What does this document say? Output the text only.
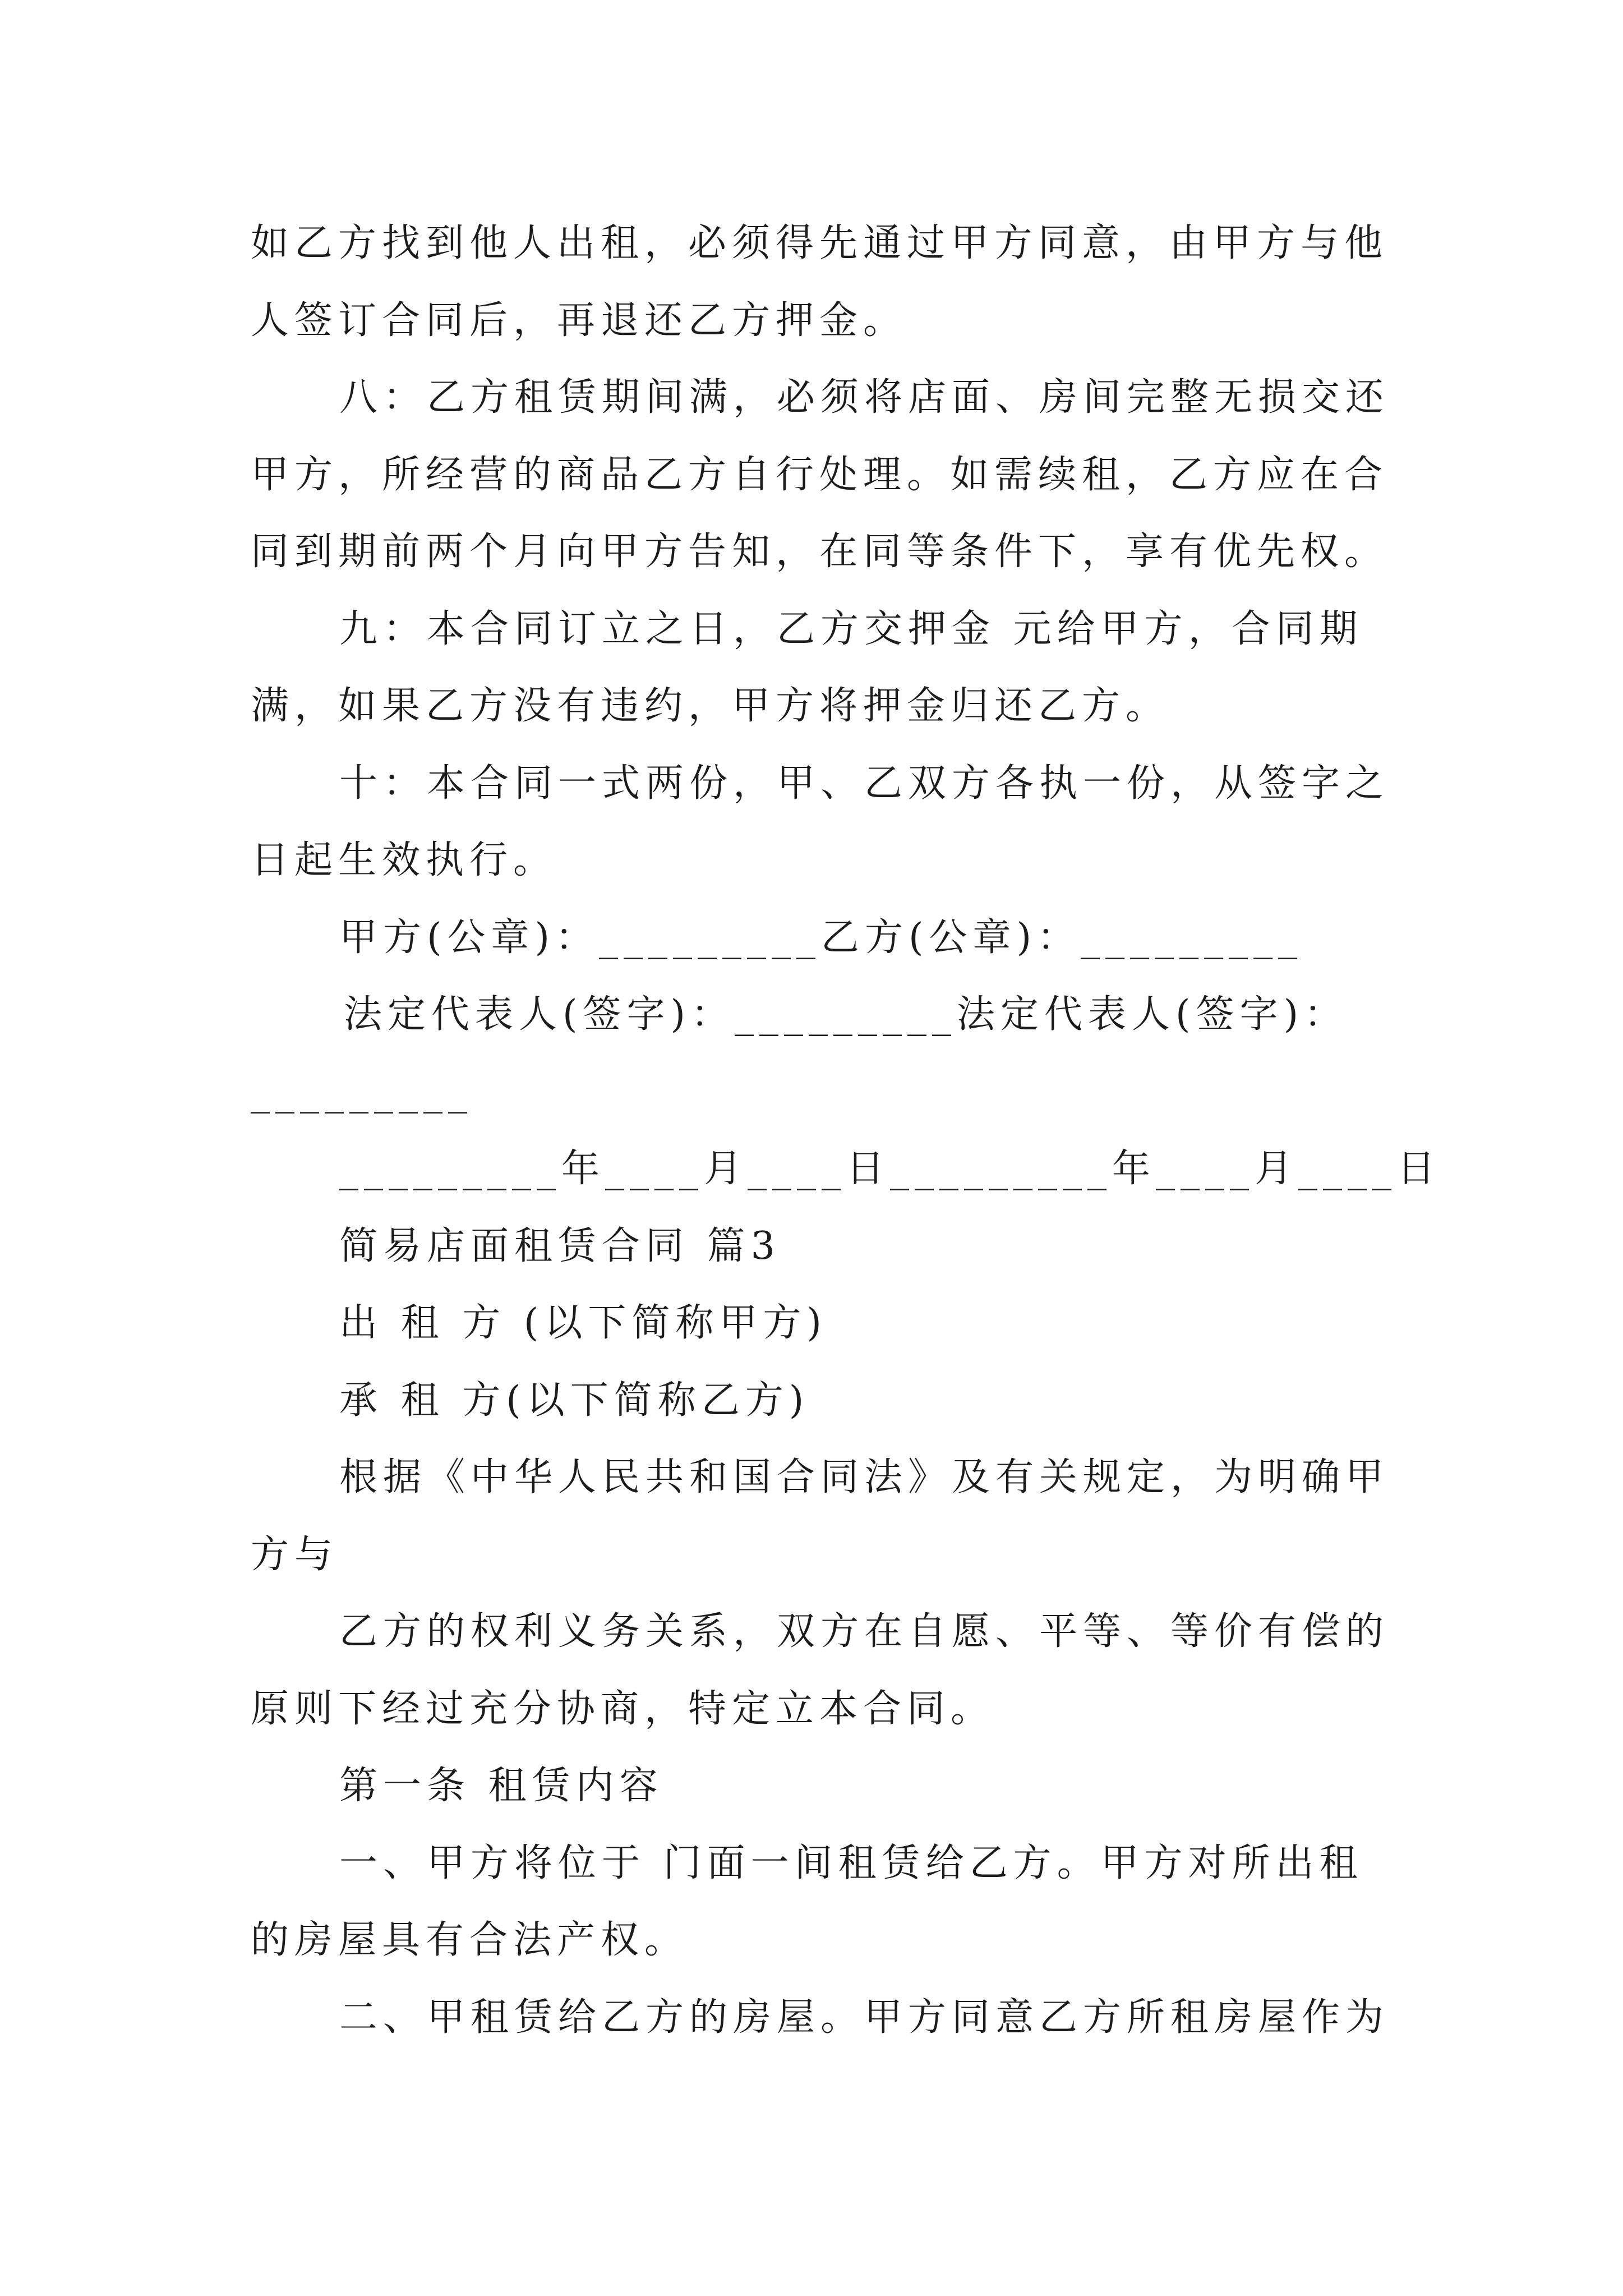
如乙方找到他人出租，必须得先通过甲方同意，由甲方与他
人签订合同后，再退还乙方押金。
八：乙方租赁期间满，必须将店面、房间完整无损交还
甲方，所经营的商品乙方自行处理。如需续租，乙方应在合
同到期前两个月向甲方告知，在同等条件下，享有优先权。
九：本合同订立之日，乙方交押金 元给甲方，合同期
满，如果乙方没有违约，甲方将押金归还乙方。
十：本合同一式两份，甲、乙双方各执一份，从签字之
日起生效执行。
甲方(公章)：_________乙方(公章)：_________
法定代表人(签字)：_________法定代表人(签字)：
_________
_________年____月____日_________年____月____日
简易店面租赁合同 篇3
出 租 方 (以下简称甲方)
承 租 方(以下简称乙方)
根据《中华人民共和国合同法》及有关规定，为明确甲
方与
乙方的权利义务关系，双方在自愿、平等、等价有偿的
原则下经过充分协商，特定立本合同。
第一条 租赁内容
一、甲方将位于 门面一间租赁给乙方。甲方对所出租
的房屋具有合法产权。
二、甲租赁给乙方的房屋。甲方同意乙方所租房屋作为
